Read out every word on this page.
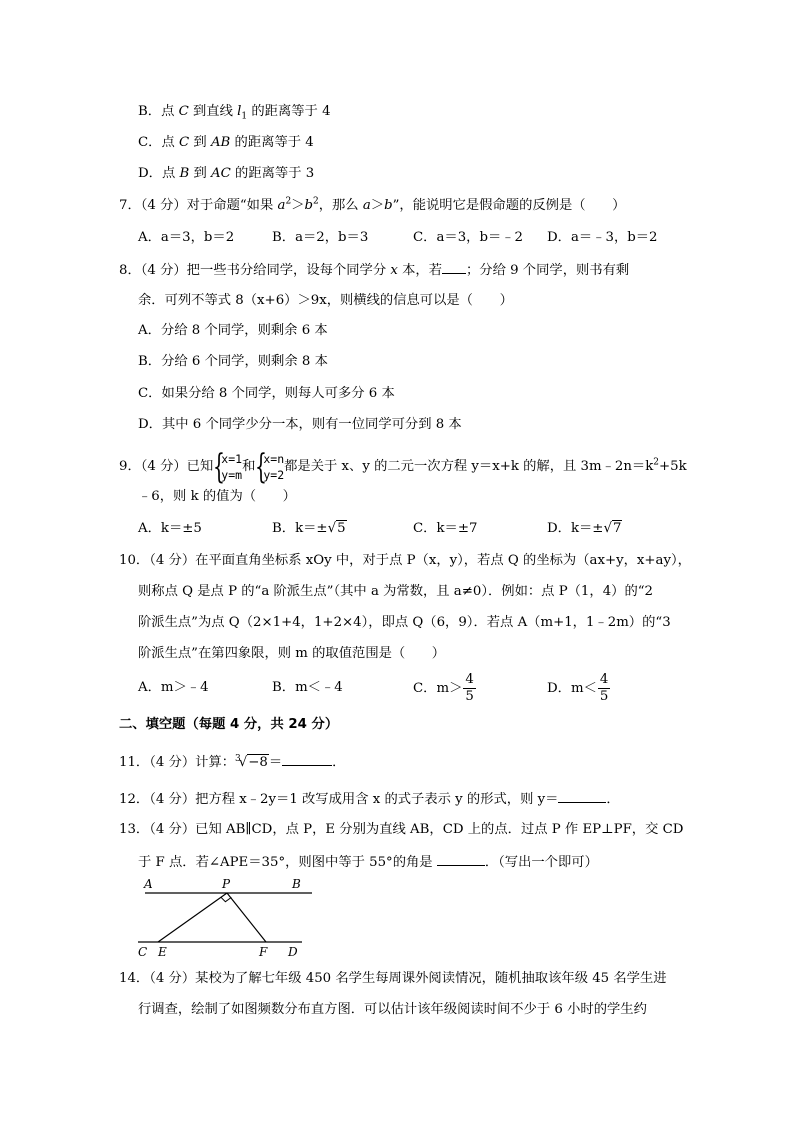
B．点 C 到直线 $l_1$ 的距离等于 4
C．点 C 到 AB 的距离等于 4
D．点 B 到 AC 的距离等于 3
7．（4 分）对于命题“如果 $a^2>b^2$，那么 a＞b”，能说明它是假命题的反例是（　　）
A．a＝3，b＝2	B．a＝2，b＝3	C．a＝3，b＝﹣2 D．a＝﹣3，b＝2
8．（4 分）把一些书分给同学，设每个同学分 x 本，若 ；分给 9 个同学，则书有剩
余．可列不等式 8（x+6）＞9x，则横线的信息可以是（　　）
A．分给 8 个同学，则剩余 6 本
B．分给 6 个同学，则剩余 8 本
C．如果分给 8 个同学，则每人可多分 6 本
D．其中 6 个同学少分一本，则有一位同学可分到 8 本
9．（4 分）已知 {
x=1
y=m
和 {
x=n
y=2
都是关于 x、y 的二元一次方程 y＝x+k 的解，且 $3m﹣2n=k^2+5k$
﹣6，则 k 的值为（　　）
A．k＝±5	B．k＝±√5	C．k＝±7	D．k＝±√7
10．（4 分）在平面直角坐标系 xOy 中，对于点 P（x，y），若点 Q 的坐标为（ax+y，x+ay），
则称点 Q 是点 P 的“a 阶派生点”（其中 a 为常数，且 a≠0）．例如：点 P（1，4）的“2
阶派生点”为点 Q（2×1+4，1+2×4），即点 Q（6，9）．若点 A（m+1，1﹣2m）的“3
阶派生点”在第四象限，则 m 的取值范围是（　　）
A．m＞﹣4	B．m＜﹣4	C．$m> \frac{4}{5}$	D．$m< \frac{4}{5}$
二、填空题（每题 4 分，共 24 分）
11．（4 分）计算：$^3$√−8＝	．
12．（4 分）把方程 x﹣2y＝1 改写成用含 x 的式子表示 y 的形式，则 y＝	．
13．（4 分）已知 AB∥CD，点 P，E 分别为直线 AB，CD 上的点．过点 P 作 EP⊥PF，交 CD
于 F 点．若∠APE＝35°，则图中等于 55°的角是	．（写出一个即可）
A	P	B
C E	F D
14．（4 分）某校为了解七年级 450 名学生每周课外阅读情况，随机抽取该年级 45 名学生进
行调查，绘制了如图频数分布直方图．可以估计该年级阅读时间不少于 6 小时的学生约
